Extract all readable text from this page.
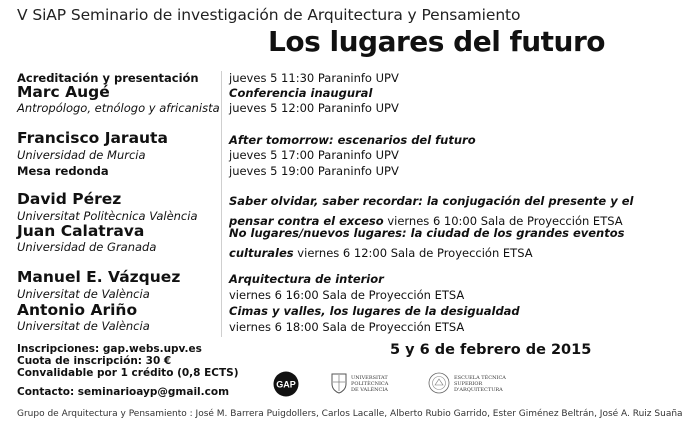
V SiAP Seminario de investigación de Arquitectura y Pensamiento
Los lugares del futuro
Acreditación y presentación
Marc Augé
Antropólogo, etnólogo y africanista
Francisco Jarauta
Universidad de Murcia
Mesa redonda
David Pérez
Universitat Politècnica València
Juan Calatrava
Universidad de Granada
Manuel E. Vázquez
Universitat de València
Antonio Ariño
Universitat de València
jueves 5 11:30 Paraninfo UPV
Conferencia inaugural
jueves 5 12:00 Paraninfo UPV
After tomorrow: escenarios del futuro
jueves 5 17:00 Paraninfo UPV
jueves 5 19:00 Paraninfo UPV
Saber olvidar, saber recordar: la conjugación del presente y el
pensar contra el exceso viernes 6 10:00 Sala de Proyección ETSA
No lugares/nuevos lugares: la ciudad de los grandes eventos
culturales viernes 6 12:00 Sala de Proyección ETSA
Arquitectura de interior
viernes 6 16:00 Sala de Proyección ETSA
Cimas y valles, los lugares de la desigualdad
viernes 6 18:00 Sala de Proyección ETSA
5 y 6 de febrero de 2015
Inscripciones: gap.webs.upv.es
Cuota de inscripción: 30 €
Convalidable por 1 crédito (0,8 ECTS)
Contacto: seminarioayp@gmail.com
GAP
UNIVERSITAT
POLITÈCNICA
DE VALÈNCIA
ESCUELA TÉCNICA
SUPERIOR
D'ARQUITECTURA
Grupo de Arquitectura y Pensamiento : José M. Barrera Puigdollers, Carlos Lacalle, Alberto Rubio Garrido, Ester Giménez Beltrán, José A. Ruiz Suaña
